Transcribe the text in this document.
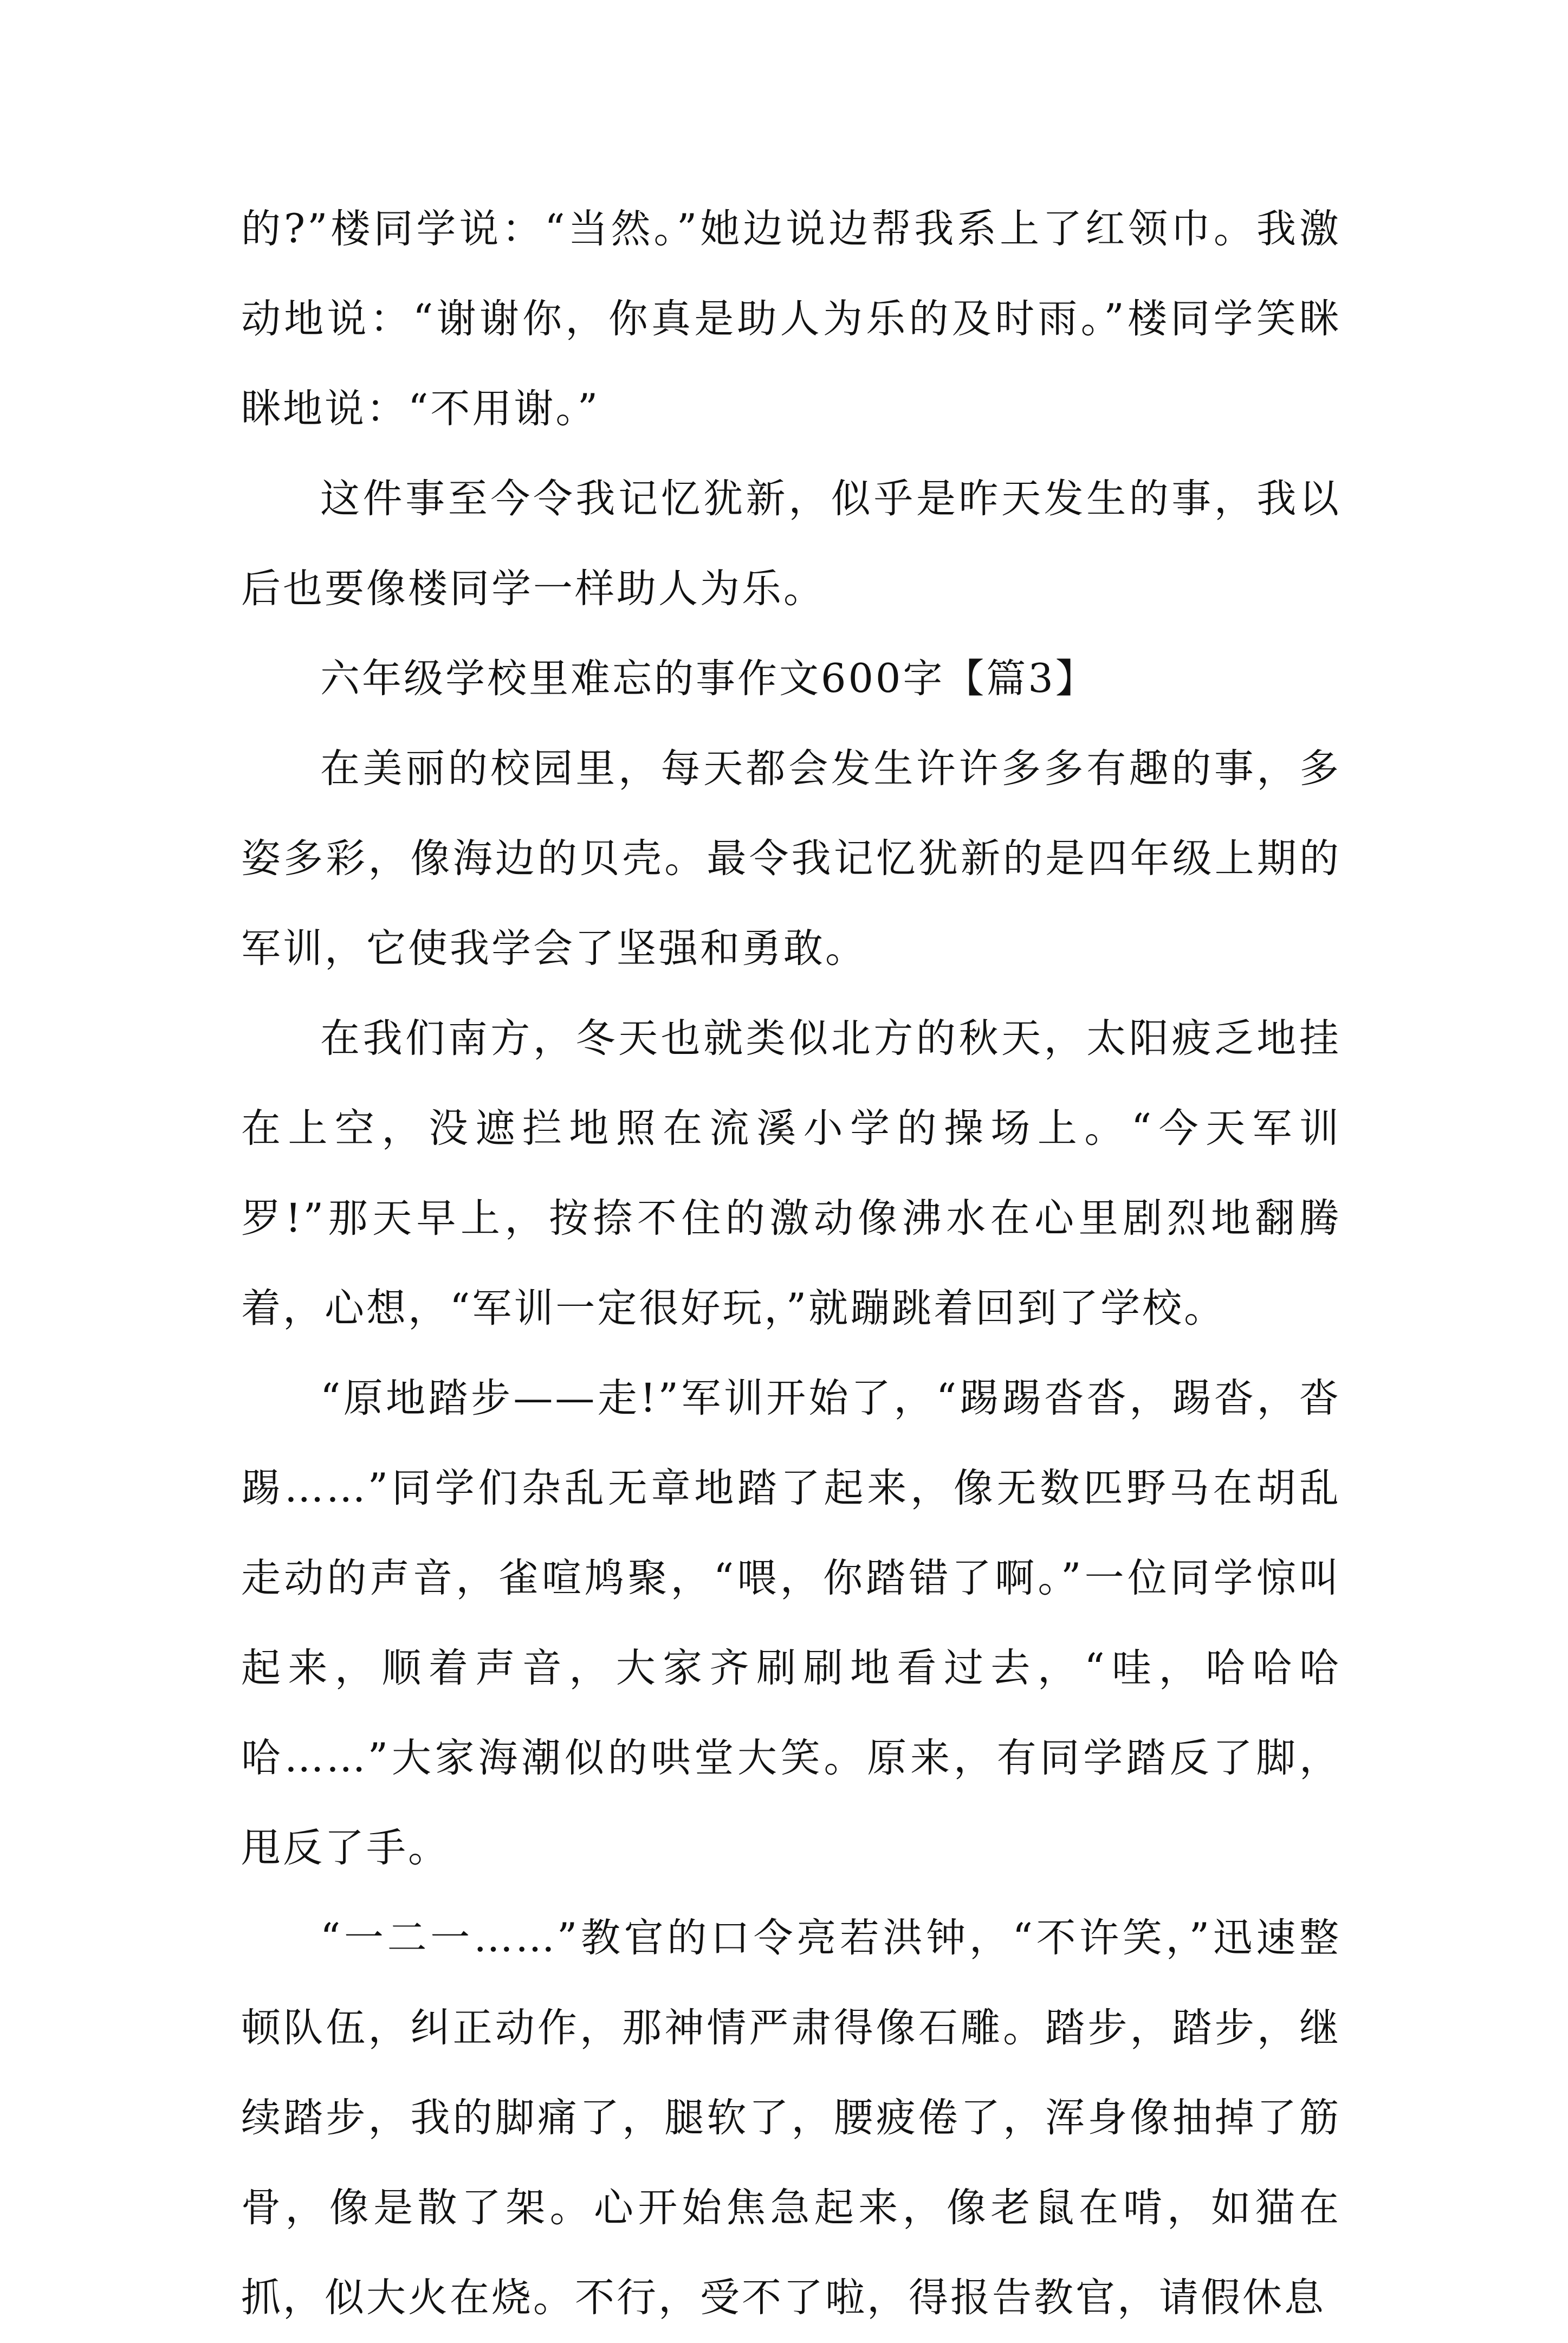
的?”楼同学说：“当然。”她边说边帮我系上了红领巾。我激动地说：“谢谢你，你真是助人为乐的及时雨。”楼同学笑眯眯地说：“不用谢。”

这件事至今令我记忆犹新，似乎是昨天发生的事，我以后也要像楼同学一样助人为乐。

六年级学校里难忘的事作文600字【篇3】

在美丽的校园里，每天都会发生许许多多有趣的事，多姿多彩，像海边的贝壳。最令我记忆犹新的是四年级上期的军训，它使我学会了坚强和勇敢。

在我们南方，冬天也就类似北方的秋天，太阳疲乏地挂在上空，没遮拦地照在流溪小学的操场上。“今天军训罗!”那天早上，按捺不住的激动像沸水在心里剧烈地翻腾着，心想，“军训一定很好玩，”就蹦跳着回到了学校。

“原地踏步——走!”军训开始了，“踢踢沓沓，踢沓，沓踢……”同学们杂乱无章地踏了起来，像无数匹野马在胡乱走动的声音，雀喧鸠聚，“喂，你踏错了啊。”一位同学惊叫起来，顺着声音，大家齐刷刷地看过去，“哇，哈哈哈哈……”大家海潮似的哄堂大笑。原来，有同学踏反了脚，甩反了手。

“一二一……”教官的口令亮若洪钟，“不许笑，”迅速整顿队伍，纠正动作，那神情严肃得像石雕。踏步，踏步，继续踏步，我的脚痛了，腿软了，腰疲倦了，浑身像抽掉了筋骨，像是散了架。心开始焦急起来，像老鼠在啃，如猫在抓，似大火在烧。不行，受不了啦，得报告教官，请假休息
